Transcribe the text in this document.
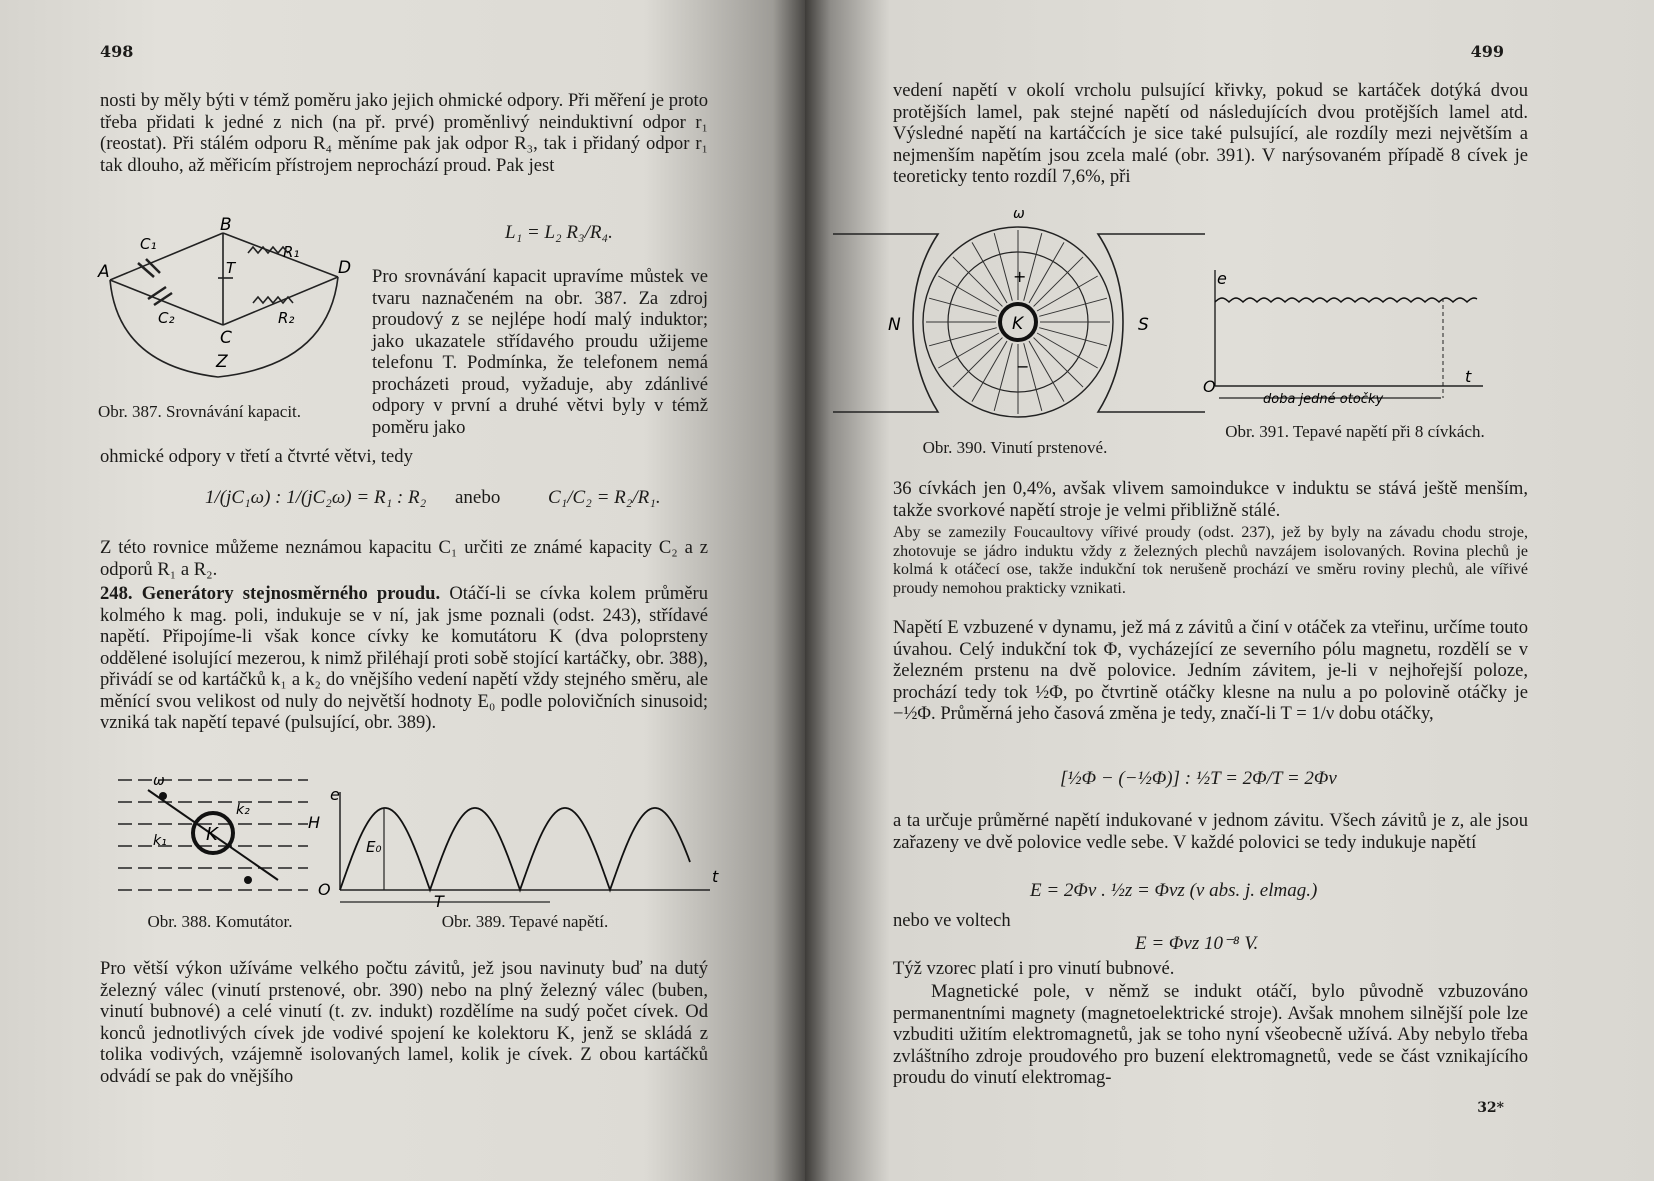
498
nosti by měly býti v témž poměru jako jejich ohmické odpory. Při měření je proto třeba přidati k jedné z nich (na př. prvé) proměnlivý neinduktivní odpor r₁ (reostat). Při stálém odporu R₄ měníme pak jak odpor R₃, tak i přidaný odpor r₁ tak dlouho, až měřicím přístrojem neprochází proud. Pak jest
B
C₁	R₁
T	D
A
C₂	R₂
C
Z
Obr. 387. Srovnávání kapacit.
L₁ = L₂ R₃/R₄.
Pro srovnávání kapacit upravíme můstek ve tvaru naznačeném na obr. 387. Za zdroj proudový z se nejlépe hodí malý induktor; jako ukazatele střídavého proudu užijeme telefonu T. Podmínka, že telefonem nemá procházeti proud, vyžaduje, aby zdánlivé odpory v první a druhé větvi byly v témž poměru jako
ohmické odpory v třetí a čtvrté větvi, tedy
1/(jC₁ω) : 1/(jC₂ω) = R₁ : R₂ anebo	C₁/C₂ = R₂/R₁.
Z této rovnice můžeme neznámou kapacitu C₁ určiti ze známé kapacity C₂ a z odporů R₁ a R₂.
248. Generátory stejnosměrného proudu. Otáčí-li se cívka kolem průměru kolmého k mag. poli, indukuje se v ní, jak jsme poznali (odst. 243), střídavé napětí. Připojíme-li však konce cívky ke komutátoru K (dva poloprsteny oddělené isolující mezerou, k nimž přiléhají proti sobě stojící kartáčky, obr. 388), přivádí se od kartáčků k₁ a k₂ do vnějšího vedení napětí vždy stejného směru, ale měnící svou velikost od nuly do největší hodnoty E₀ podle polovičních sinusoid; vzniká tak napětí tepavé (pulsující, obr. 389).
K
ω
k₁
k₂
H
Obr. 388. Komutátor.
e
E₀
O
T
t
Obr. 389. Tepavé napětí.
Pro větší výkon užíváme velkého počtu závitů, jež jsou navinuty buď na dutý železný válec (vinutí prstenové, obr. 390) nebo na plný železný válec (buben, vinutí bubnové) a celé vinutí (t. zv. indukt) rozdělíme na sudý počet cívek. Od konců jednotlivých cívek jde vodivé spojení ke kolektoru K, jenž se skládá z tolika vodivých, vzájemně isolovaných lamel, kolik je cívek. Z obou kartáčků odvádí se pak do vnějšího
499
vedení napětí v okolí vrcholu pulsující křivky, pokud se kartáček dotýká dvou protějších lamel, pak stejné napětí od následujících dvou protějších lamel atd. Výsledné napětí na kartáčcích je sice také pulsující, ale rozdíly mezi největším a nejmenším napětím jsou zcela malé (obr. 391). V narýsovaném případě 8 cívek je teoreticky tento rozdíl 7,6%, při
N	S
K
ω
+
−
Obr. 390. Vinutí prstenové.
e
O
t
doba jedné otočky
Obr. 391. Tepavé napětí při 8 cívkách.
36 cívkách jen 0,4%, avšak vlivem samoindukce v induktu se stává ještě menším, takže svorkové napětí stroje je velmi přibližně stálé.
Aby se zamezily Foucaultovy vířivé proudy (odst. 237), jež by byly na závadu chodu stroje, zhotovuje se jádro induktu vždy z železných plechů navzájem isolovaných. Rovina plechů je kolmá k otáčecí ose, takže indukční tok nerušeně prochází ve směru roviny plechů, ale vířivé proudy nemohou prakticky vznikati.
Napětí E vzbuzené v dynamu, jež má z závitů a činí ν otáček za vteřinu, určíme touto úvahou. Celý indukční tok Φ, vycházející ze severního pólu magnetu, rozdělí se v železném prstenu na dvě polovice. Jedním závitem, je-li v nejhořejší poloze, prochází tedy tok ½Φ, po čtvrtině otáčky klesne na nulu a po polovině otáčky je −½Φ. Průměrná jeho časová změna je tedy, značí-li T = 1/ν dobu otáčky,
[½Φ − (−½Φ)] : ½T = 2Φ/T = 2Φν
a ta určuje průměrné napětí indukované v jednom závitu. Všech závitů je z, ale jsou zařazeny ve dvě polovice vedle sebe. V každé polovici se tedy indukuje napětí
E = 2Φν . ½z = Φνz (v abs. j. elmag.)
nebo ve voltech
E = Φνz 10⁻⁸ V.
Týž vzorec platí i pro vinutí bubnové.
Magnetické pole, v němž se indukt otáčí, bylo původně vzbuzováno permanentními magnety (magnetoelektrické stroje). Avšak mnohem silnější pole lze vzbuditi užitím elektromagnetů, jak se toho nyní všeobecně užívá. Aby nebylo třeba zvláštního zdroje proudového pro buzení elektromagnetů, vede se část vznikajícího proudu do vinutí elektromag-
32*
